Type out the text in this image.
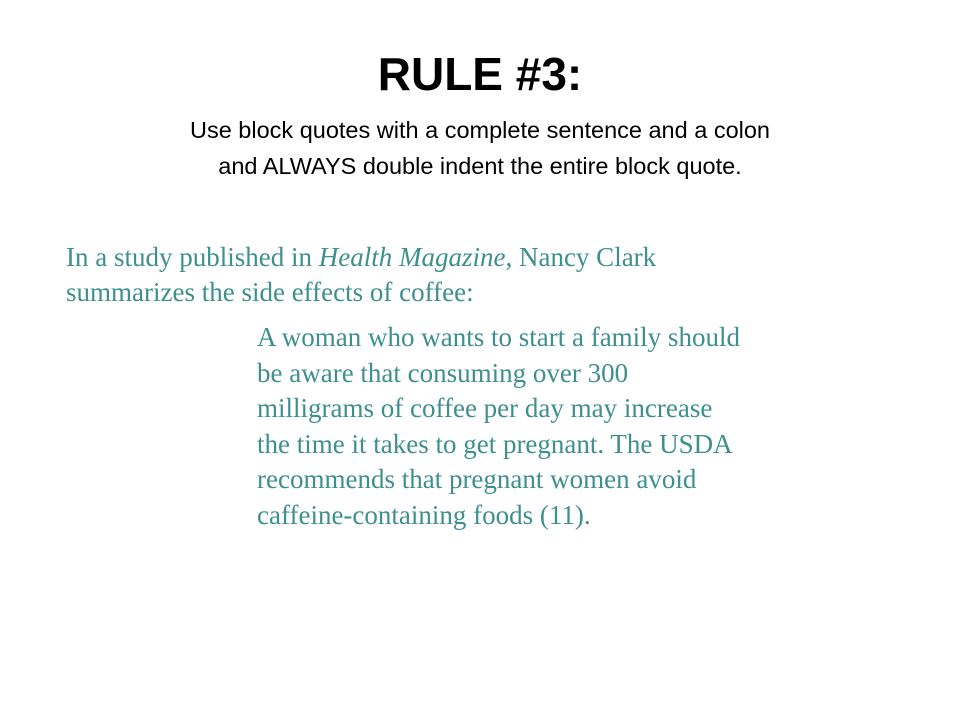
RULE #3:

Use block quotes with a complete sentence and a colon
and ALWAYS double indent the entire block quote.

In a study published in Health Magazine, Nancy Clark
summarizes the side effects of coffee:

A woman who wants to start a family should
be aware that consuming over 300
milligrams of coffee per day may increase
the time it takes to get pregnant. The USDA
recommends that pregnant women avoid
caffeine-containing foods (11).
